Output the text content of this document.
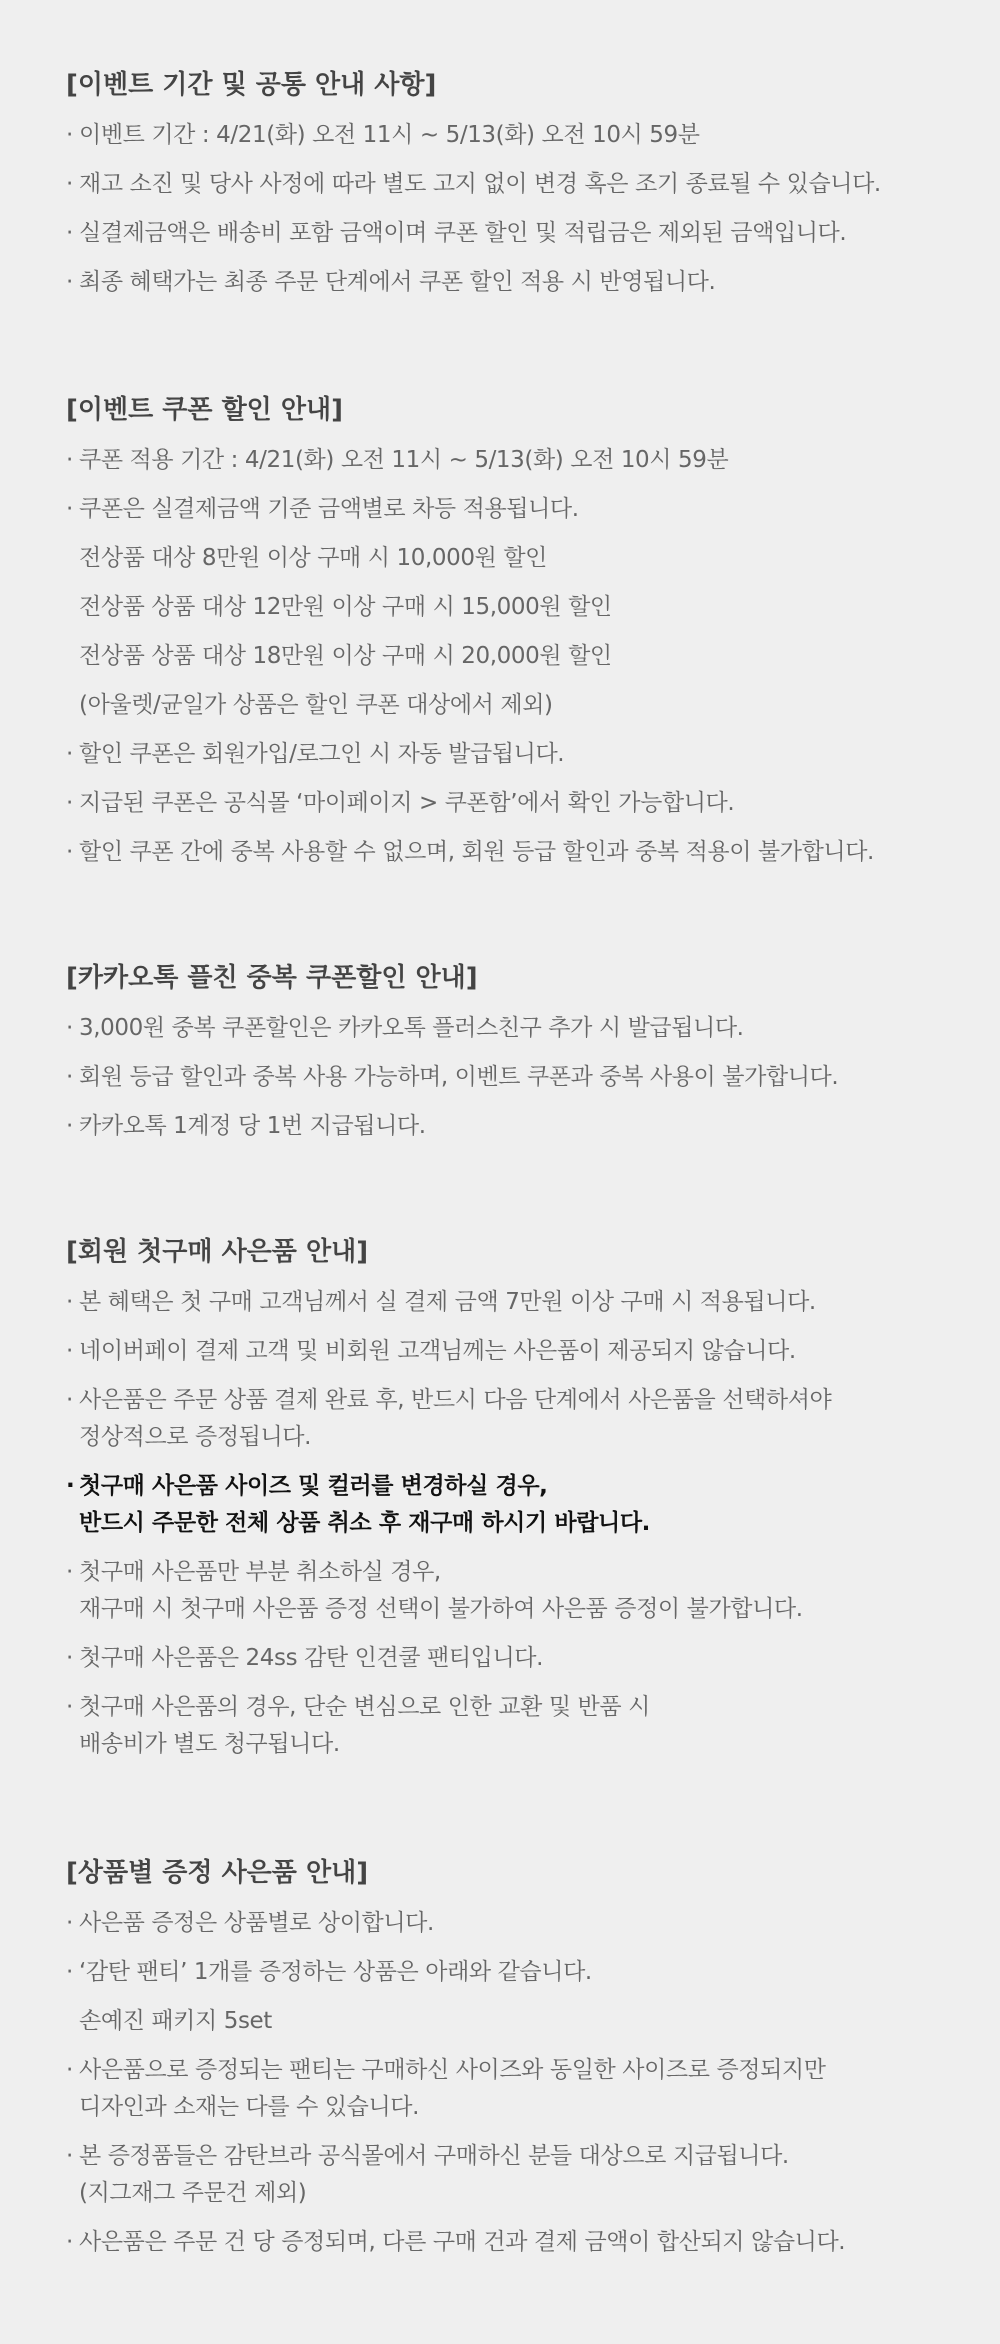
[이벤트 기간 및 공통 안내 사항]
· 이벤트 기간 : 4/21(화) 오전 11시 ~ 5/13(화) 오전 10시 59분
· 재고 소진 및 당사 사정에 따라 별도 고지 없이 변경 혹은 조기 종료될 수 있습니다.
· 실결제금액은 배송비 포함 금액이며 쿠폰 할인 및 적립금은 제외된 금액입니다.
· 최종 혜택가는 최종 주문 단계에서 쿠폰 할인 적용 시 반영됩니다.
[이벤트 쿠폰 할인 안내]
· 쿠폰 적용 기간 : 4/21(화) 오전 11시 ~ 5/13(화) 오전 10시 59분
· 쿠폰은 실결제금액 기준 금액별로 차등 적용됩니다.
전상품 대상 8만원 이상 구매 시 10,000원 할인
전상품 상품 대상 12만원 이상 구매 시 15,000원 할인
전상품 상품 대상 18만원 이상 구매 시 20,000원 할인
(아울렛/균일가 상품은 할인 쿠폰 대상에서 제외)
· 할인 쿠폰은 회원가입/로그인 시 자동 발급됩니다.
· 지급된 쿠폰은 공식몰 ‘마이페이지 > 쿠폰함’에서 확인 가능합니다.
· 할인 쿠폰 간에 중복 사용할 수 없으며, 회원 등급 할인과 중복 적용이 불가합니다.
[카카오톡 플친 중복 쿠폰할인 안내]
· 3,000원 중복 쿠폰할인은 카카오톡 플러스친구 추가 시 발급됩니다.
· 회원 등급 할인과 중복 사용 가능하며, 이벤트 쿠폰과 중복 사용이 불가합니다.
· 카카오톡 1계정 당 1번 지급됩니다.
[회원 첫구매 사은품 안내]
· 본 혜택은 첫 구매 고객님께서 실 결제 금액 7만원 이상 구매 시 적용됩니다.
· 네이버페이 결제 고객 및 비회원 고객님께는 사은품이 제공되지 않습니다.
· 사은품은 주문 상품 결제 완료 후, 반드시 다음 단계에서 사은품을 선택하셔야
정상적으로 증정됩니다.
· 첫구매 사은품 사이즈 및 컬러를 변경하실 경우,
반드시 주문한 전체 상품 취소 후 재구매 하시기 바랍니다.
· 첫구매 사은품만 부분 취소하실 경우,
재구매 시 첫구매 사은품 증정 선택이 불가하여 사은품 증정이 불가합니다.
· 첫구매 사은품은 24ss 감탄 인견쿨 팬티입니다.
· 첫구매 사은품의 경우, 단순 변심으로 인한 교환 및 반품 시
배송비가 별도 청구됩니다.
[상품별 증정 사은품 안내]
· 사은품 증정은 상품별로 상이합니다.
· ‘감탄 팬티’ 1개를 증정하는 상품은 아래와 같습니다.
손예진 패키지 5set
· 사은품으로 증정되는 팬티는 구매하신 사이즈와 동일한 사이즈로 증정되지만
디자인과 소재는 다를 수 있습니다.
· 본 증정품들은 감탄브라 공식몰에서 구매하신 분들 대상으로 지급됩니다.
(지그재그 주문건 제외)
· 사은품은 주문 건 당 증정되며, 다른 구매 건과 결제 금액이 합산되지 않습니다.
